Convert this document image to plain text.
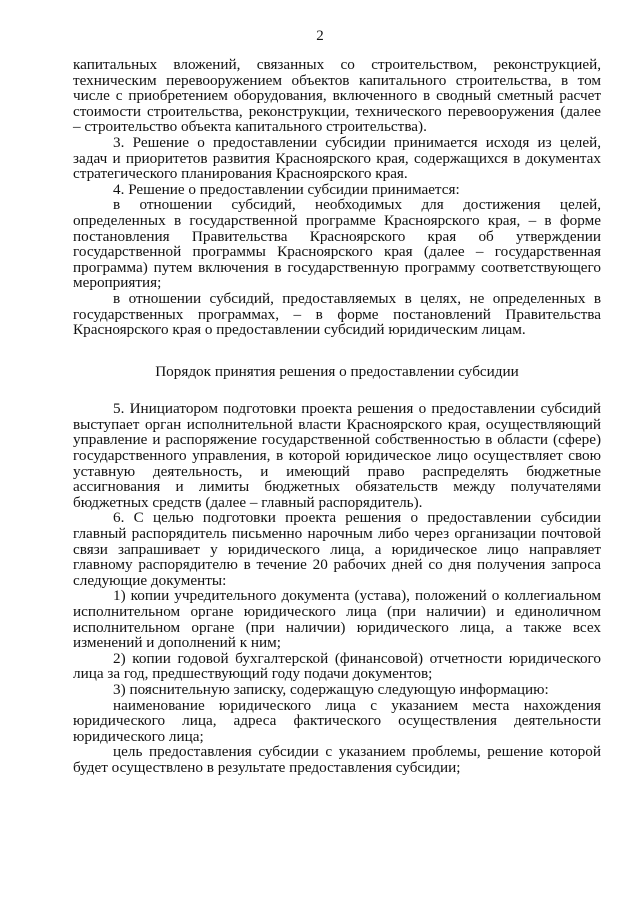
2

капитальных вложений, связанных со строительством, реконструкцией, техническим перевооружением объектов капитального строительства, в том числе с приобретением оборудования, включенного в сводный сметный расчет стоимости строительства, реконструкции, технического перевооружения (далее – строительство объекта капитального строительства).

3. Решение о предоставлении субсидии принимается исходя из целей, задач и приоритетов развития Красноярского края, содержащихся в документах стратегического планирования Красноярского края.

4. Решение о предоставлении субсидии принимается:

в отношении субсидий, необходимых для достижения целей, определенных в государственной программе Красноярского края, – в форме постановления Правительства Красноярского края об утверждении государственной программы Красноярского края (далее – государственная программа) путем включения в государственную программу соответствующего мероприятия;

в отношении субсидий, предоставляемых в целях, не определенных в государственных программах, – в форме постановлений Правительства Красноярского края о предоставлении субсидий юридическим лицам.

Порядок принятия решения о предоставлении субсидии

5. Инициатором подготовки проекта решения о предоставлении субсидий выступает орган исполнительной власти Красноярского края, осуществляющий управление и распоряжение государственной собственностью в области (сфере) государственного управления, в которой юридическое лицо осуществляет свою уставную деятельность, и имеющий право распределять бюджетные ассигнования и лимиты бюджетных обязательств между получателями бюджетных средств (далее – главный распорядитель).

6. С целью подготовки проекта решения о предоставлении субсидии главный распорядитель письменно нарочным либо через организации почтовой связи запрашивает у юридического лица, а юридическое лицо направляет главному распорядителю в течение 20 рабочих дней со дня получения запроса следующие документы:

1) копии учредительного документа (устава), положений о коллегиальном исполнительном органе юридического лица (при наличии) и единоличном исполнительном органе (при наличии) юридического лица, а также всех изменений и дополнений к ним;

2) копии годовой бухгалтерской (финансовой) отчетности юридического лица за год, предшествующий году подачи документов;

3) пояснительную записку, содержащую следующую информацию:

наименование юридического лица с указанием места нахождения юридического лица, адреса фактического осуществления деятельности юридического лица;

цель предоставления субсидии с указанием проблемы, решение которой будет осуществлено в результате предоставления субсидии;
